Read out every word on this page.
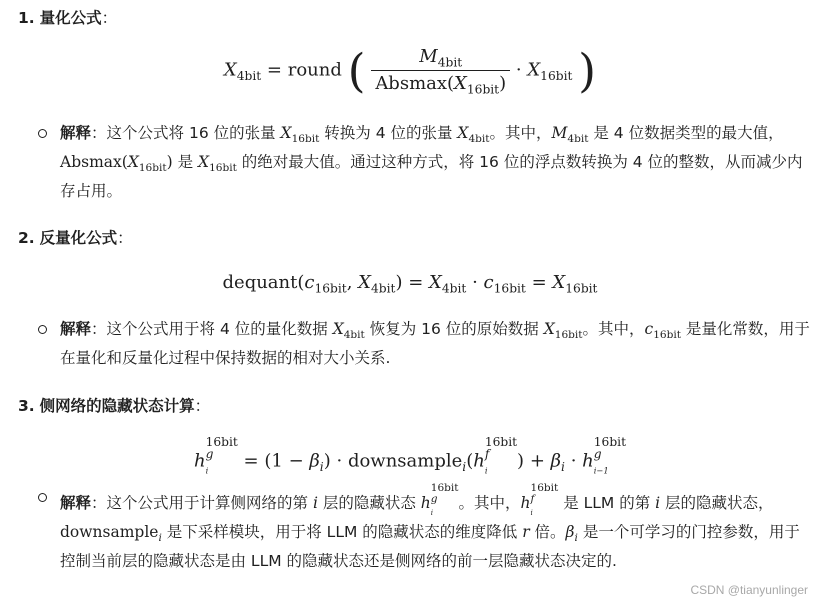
1. 量化公式：
$X_{4bit}$ = round ( $\frac{M_{4bit}}{Absmax(X_{16bit})} \cdot X_{16bit}$ )
解释：这个公式将 16 位的张量 $X_{16bit}$ 转换为 4 位的张量 $X_{4bit}$。其中，$M_{4bit}$ 是 4 位数据类型的最大值，$Absmax(X_{16bit})$ 是 $X_{16bit}$ 的绝对最大值。通过这种方式，将 16 位的浮点数转换为 4 位的整数，从而减少内存占用。
2. 反量化公式：
$dequant(c_{16bit}$, $X_{4bit}) = X_{4bit} \cdot c_{16bit} = X_{16bit}$
解释：这个公式用于将 4 位的量化数据 $X_{4bit}$ 恢复为 16 位的原始数据 $X_{16bit}$。其中，$c_{16bit}$ 是量化常数，用于在量化和反量化过程中保持数据的相对大小关系.
3. 侧网络的隐藏状态计算：
h
16bit
g
$_i$	= $(1 - \beta_i)$ · downsample$_i$(h
16bit
f
$_i$	) + $\beta_i \cdot h$
16bit
g
$_{i-1}$
解释：这个公式用于计算侧网络的第 i 层的隐藏状态 h
16bit
g
$_i$
。其中，h
16bit
f
$_i$
是 LLM 的第 i 层的隐藏状态，downsample$_i$ 是下采样模块，用于将 LLM 的隐藏状态的维度降低 r 倍。$\beta_i$ 是一个可学习的门控参数，用于控制当前层的隐藏状态是由 LLM 的隐藏状态还是侧网络的前一层隐藏状态决定的.
CSDN @tianyunlinger
